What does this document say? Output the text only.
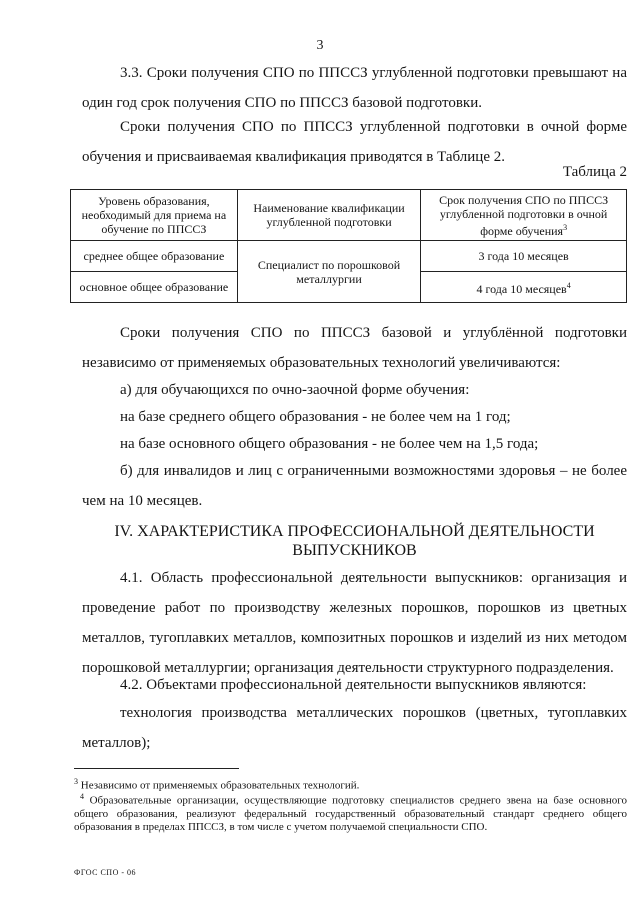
3

3.3. Сроки получения СПО по ППССЗ углубленной подготовки превышают на один год срок получения СПО по ППССЗ базовой подготовки.

Сроки получения СПО по ППССЗ углубленной подготовки в очной форме обучения и присваиваемая квалификация приводятся в Таблице 2.

Таблица 2
Уровень образования, необходимый для приема на обучение по ППССЗ	Наименование квалификации углубленной подготовки	Срок получения СПО по ППССЗ углубленной подготовки в очной форме обучения$^3$
среднее общее образование	Специалист по порошковой металлургии	3 года 10 месяцев
основное общее образование		4 года 10 месяцев$^4$

Сроки получения СПО по ППССЗ базовой и углублённой подготовки независимо от применяемых образовательных технологий увеличиваются:

а) для обучающихся по очно-заочной форме обучения:

на базе среднего общего образования - не более чем на 1 год;

на базе основного общего образования - не более чем на 1,5 года;

б) для инвалидов и лиц с ограниченными возможностями здоровья – не более чем на 10 месяцев.

IV. ХАРАКТЕРИСТИКА ПРОФЕССИОНАЛЬНОЙ ДЕЯТЕЛЬНОСТИ
ВЫПУСКНИКОВ

4.1. Область профессиональной деятельности выпускников: организация и проведение работ по производству железных порошков, порошков из цветных металлов, тугоплавких металлов, композитных порошков и изделий из них методом порошковой металлургии; организация деятельности структурного подразделения.

4.2. Объектами профессиональной деятельности выпускников являются:

технология производства металлических порошков (цветных, тугоплавких металлов);

$^3$ Независимо от применяемых образовательных технологий.
$^4$ Образовательные организации, осуществляющие подготовку специалистов среднего звена на базе основного общего образования, реализуют федеральный государственный образовательный стандарт среднего общего образования в пределах ППССЗ, в том числе с учетом получаемой специальности СПО.
ФГОС СПО - 06
